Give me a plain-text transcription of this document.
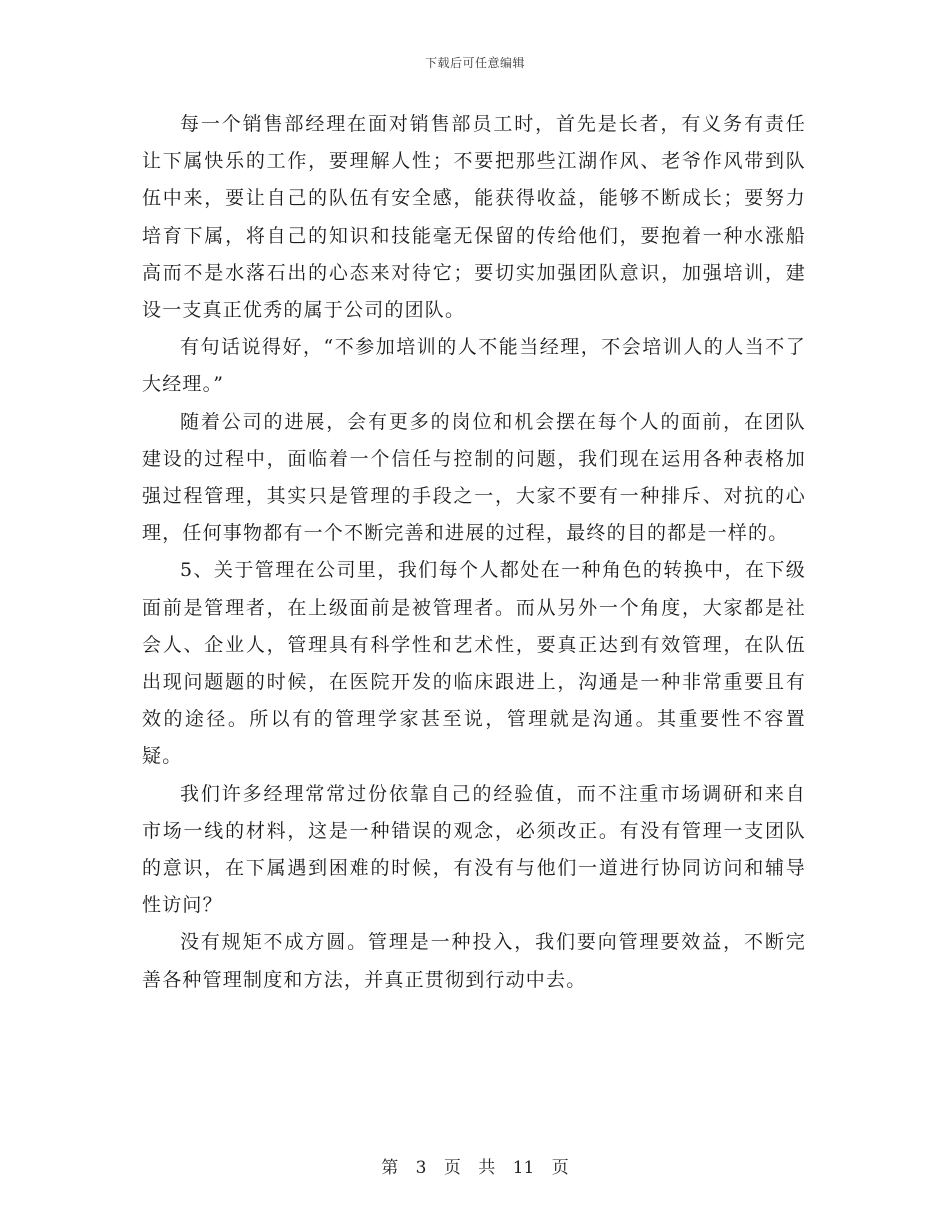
下载后可任意编辑

每一个销售部经理在面对销售部员工时，首先是长者，有义务有责任让下属快乐的工作，要理解人性；不要把那些江湖作风、老爷作风带到队伍中来，要让自己的队伍有安全感，能获得收益，能够不断成长；要努力培育下属，将自己的知识和技能毫无保留的传给他们，要抱着一种水涨船高而不是水落石出的心态来对待它；要切实加强团队意识，加强培训，建设一支真正优秀的属于公司的团队。

有句话说得好，“不参加培训的人不能当经理，不会培训人的人当不了大经理。”

随着公司的进展，会有更多的岗位和机会摆在每个人的面前，在团队建设的过程中，面临着一个信任与控制的问题，我们现在运用各种表格加强过程管理，其实只是管理的手段之一，大家不要有一种排斥、对抗的心理，任何事物都有一个不断完善和进展的过程，最终的目的都是一样的。

5、关于管理在公司里，我们每个人都处在一种角色的转换中，在下级面前是管理者，在上级面前是被管理者。而从另外一个角度，大家都是社会人、企业人，管理具有科学性和艺术性，要真正达到有效管理，在队伍出现问题题的时候，在医院开发的临床跟进上，沟通是一种非常重要且有效的途径。所以有的管理学家甚至说，管理就是沟通。其重要性不容置疑。

我们许多经理常常过份依靠自己的经验值，而不注重市场调研和来自市场一线的材料，这是一种错误的观念，必须改正。有没有管理一支团队的意识，在下属遇到困难的时候，有没有与他们一道进行协同访问和辅导性访问？

没有规矩不成方圆。管理是一种投入，我们要向管理要效益，不断完善各种管理制度和方法，并真正贯彻到行动中去。

第 3 页 共 11 页
